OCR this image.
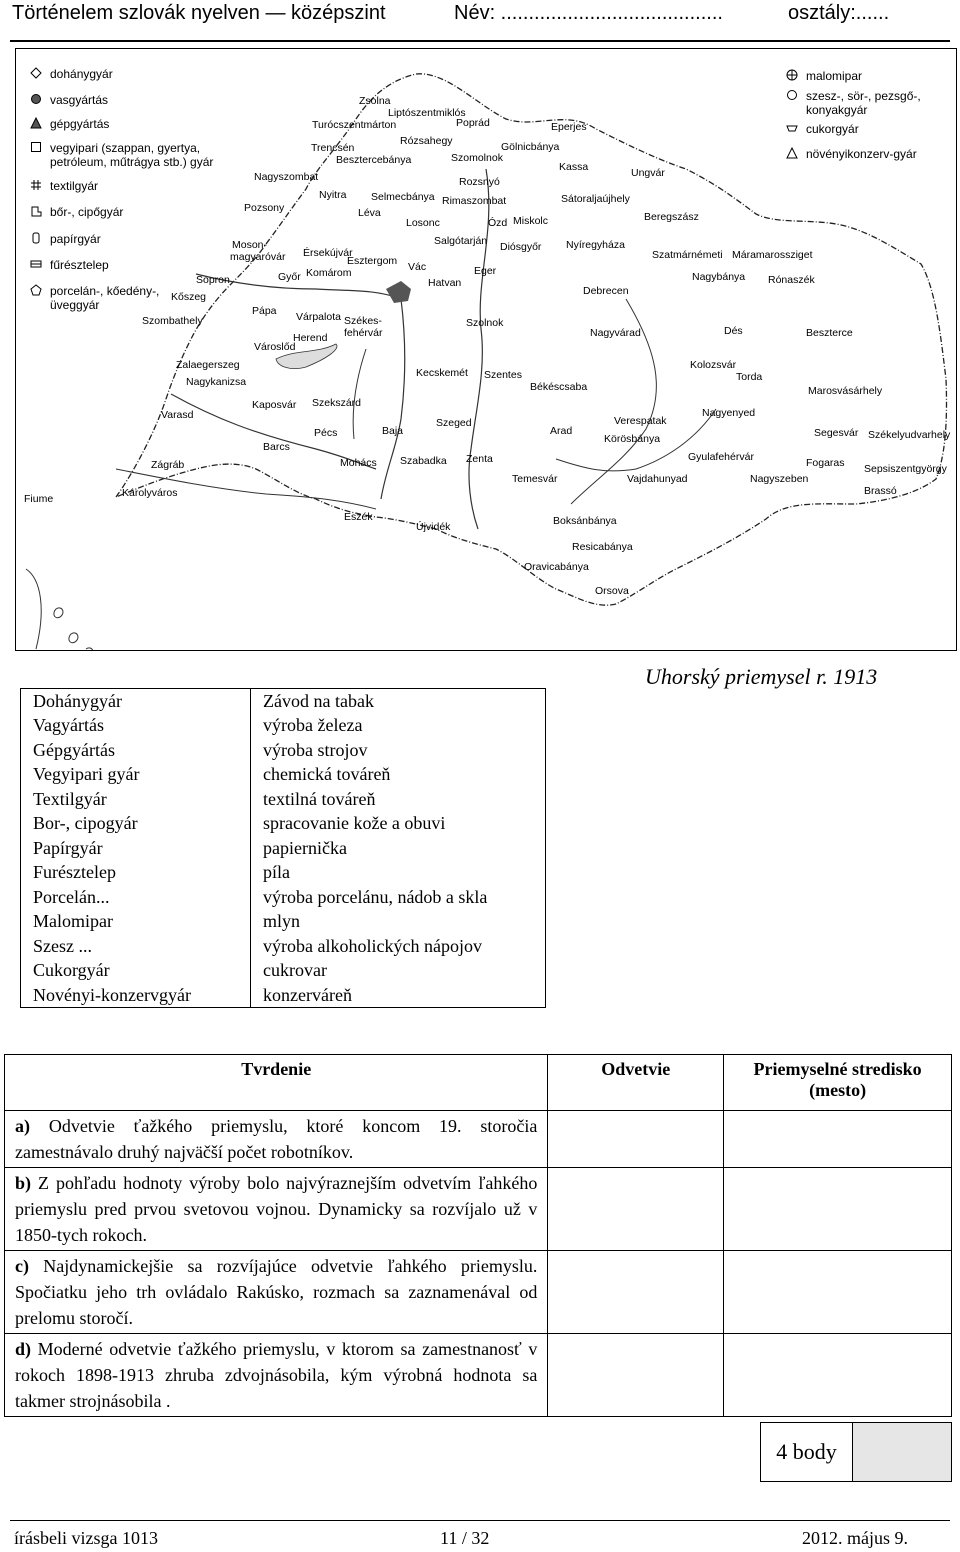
Történelem szlovák nyelven — középszint	Név: ........................................	osztály:......
dohánygyár
vasgyártás
gépgyártás
vegyipari (szappan, gyertya, petróleum, műtrágya stb.) gyár
textilgyár
bőr-, cipőgyár
papírgyár
fűrésztelep
porcelán-, kőedény-, üveggyár
malomipar
szesz-, sör-, pezsgő-, konyakgyár
cukorgyár
növényikonzerv-gyár
Zsolna
Liptószentmiklós
Turócszentmárton	Poprád
Rózsahegy
Eperjes
Trencsén	Gölnicbánya
Besztercebánya	Szomolnok
Kassa
Nagyszombat	Rozsnyó
Ungvár
Nyitra Selmecbánya Rimaszombat	Sátoraljaújhely
Pozsony	Léva
Losonc	Ózd Miskolc	Beregszász
Moson-
magyaróvár Érsekújvár
Salgótarján Diósgyőr Nyíregyháza
Esztergom	Szatmárnémeti Máramarossziget
Sopron	Győr Komárom	Vác	Eger	Nagybánya Rónaszék
Hatvan
Debrecen
Kőszeg
Pápa
Szombathely	Várpalota Székes-
fehérvár
Szolnok
Herend
Városlőd
Nagyvárad	Dés	Beszterce
Zalaegerszeg
Kecskemét Szentes
Kolozsvár
Nagykanizsa	Békéscsaba
Torda
Marosvásárhely
Kaposvár Szekszárd
Varasd	Nagyenyed
Szeged	Verespatak
Pécs	Baja	Arad	Segesvár Székelyudvarhely
Barcs
Körösbánya
Gyulafehérvár
Zágráb	Mohács Szabadka Zenta	Fogaras Sepsiszentgyörgy
Temesvár	Vajdahunyad	Nagyszeben
Fiume	Károlyváros	Brassó
Eszék
Újvidék	Boksánbánya
Resicabánya
Oravicabánya
Orsova
Uhorský priemysel r. 1913
Dohánygyár	Závod na tabak
Vagyártás	výroba železa
Gépgyártás	výroba strojov
Vegyipari gyár	chemická továreň
Textilgyár	textilná továreň
Bor-, cipogyár	spracovanie kože a obuvi
Papírgyár	papiernička
Furésztelep	píla
Porcelán...	výroba porcelánu, nádob a skla
Malomipar	mlyn
Szesz ...	výroba alkoholických nápojov
Cukorgyár	cukrovar
Novényi-konzervgyár	konzerváreň
Tvrdenie	Odvetvie	Priemyselné stredisko (mesto)
a) Odvetvie ťažkého priemyslu, ktoré koncom 19. storočia zamestnávalo druhý najväčší počet robotníkov.		
b) Z pohľadu hodnoty výroby bolo najvýraznejším odvetvím ľahkého priemyslu pred prvou svetovou vojnou. Dynamicky sa rozvíjalo už v 1850-tych rokoch.		
c) Najdynamickejšie sa rozvíjajúce odvetvie ľahkého priemyslu. Spočiatku jeho trh ovládalo Rakúsko, rozmach sa zaznamenával od prelomu storočí.		
d) Moderné odvetvie ťažkého priemyslu, v ktorom sa zamestnanosť v rokoch 1898-1913 zhruba zdvojnásobila, kým výrobná hodnota sa takmer strojnásobila .		
4 body
írásbeli vizsga 1013	11 / 32	2012. május 9.
